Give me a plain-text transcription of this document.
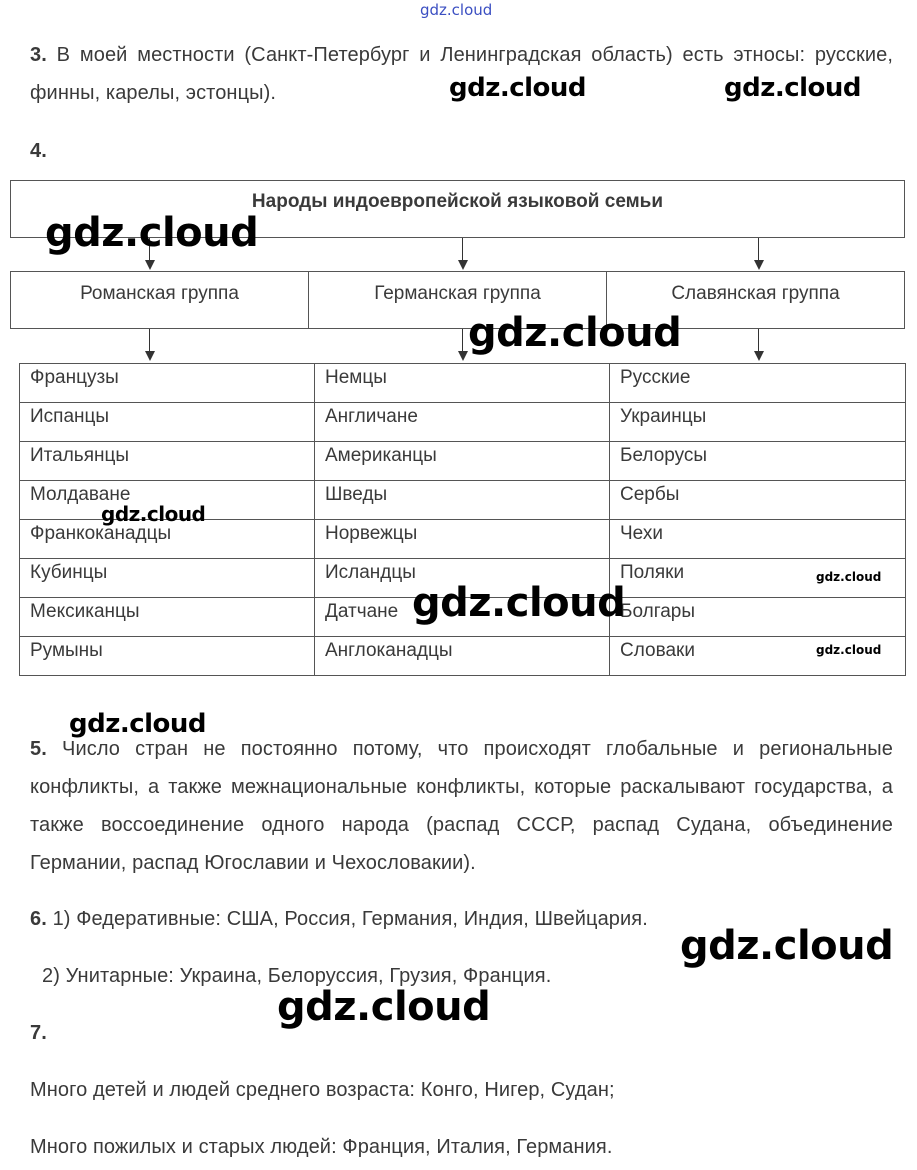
gdz.cloud

3. В моей местности (Санкт-Петербург и Ленинградская область) есть этносы: русские,

финны, карелы, эстонцы).	gdz.cloud	gdz.cloud
4.
Народы индоевропейской языковой семьи
Романская группа	Германская группа	Славянская группа
Французы	Немцы	Русские
Испанцы	Англичане	Украинцы
Итальянцы	Американцы	Белорусы
Молдаване	Шведы	Сербы
Франкоканадцы	Норвежцы	Чехи
Кубинцы	Исландцы	Поляки
Мексиканцы	Датчане	Болгары
Румыны	Англоканадцы	Словаки
gdz.cloud
gdz.cloud
gdz.cloud
gdz.cloud
gdz.cloud
gdz.cloud
gdz.cloud

5. Число стран не постоянно потому, что происходят глобальные и региональные конфликты, а также межнациональные конфликты, которые раскалывают государства, а также воссоединение одного народа (распад СССР, распад Судана, объединение Германии, распад Югославии и Чехословакии).

6. 1) Федеративные: США, Россия, Германия, Индия, Швейцария.
gdz.cloud
2) Унитарные: Украина, Белоруссия, Грузия, Франция.
gdz.cloud
7.
Много детей и людей среднего возраста: Конго, Нигер, Судан;
Много пожилых и старых людей: Франция, Италия, Германия.
